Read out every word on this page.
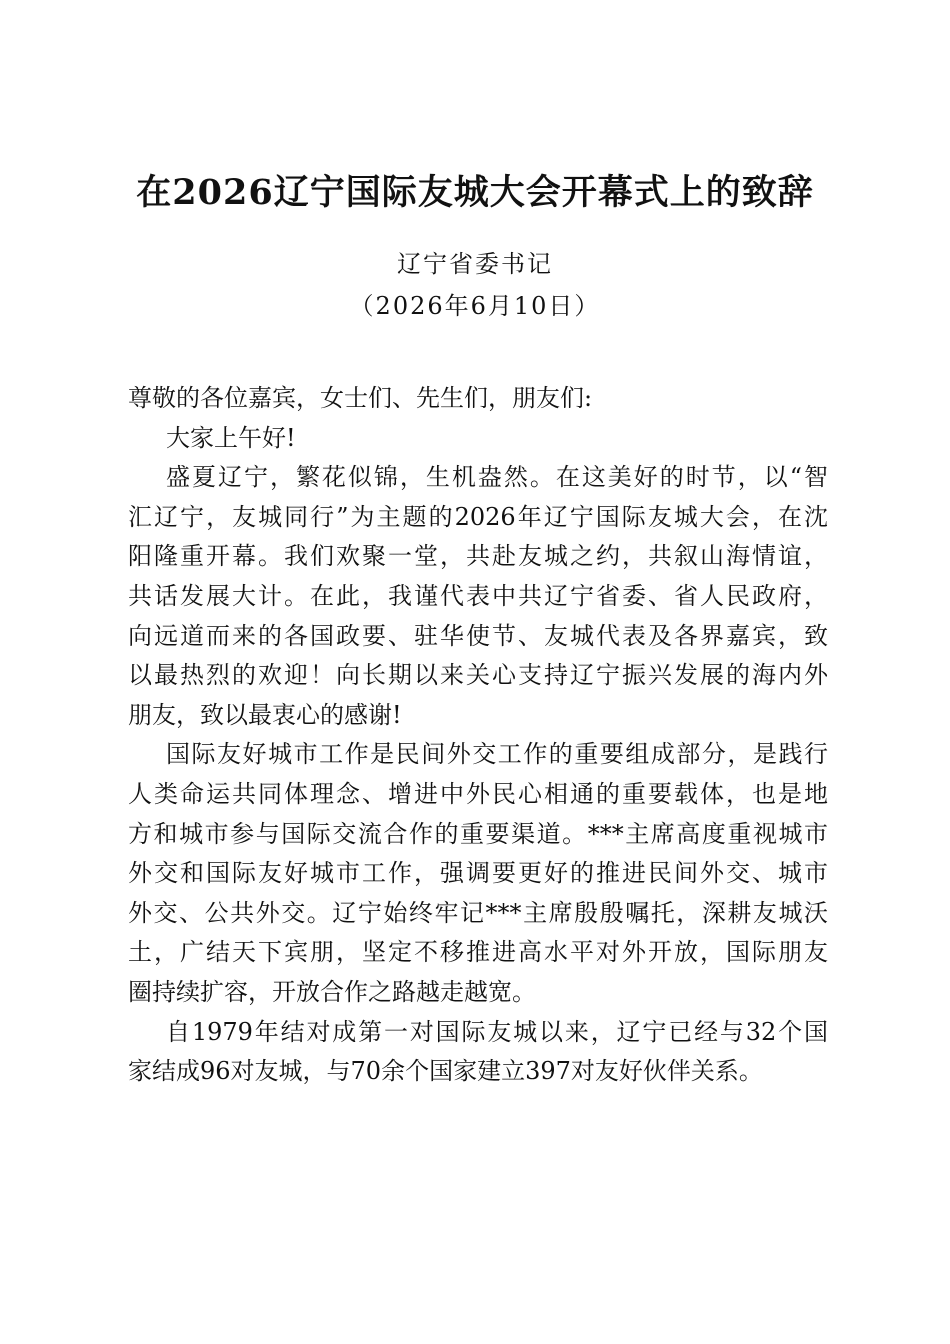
在2026辽宁国际友城大会开幕式上的致辞
辽宁省委书记
（2026年6月10日）
尊敬的各位嘉宾，女士们、先生们，朋友们:
大家上午好!
盛夏辽宁，繁花似锦，生机盎然。在这美好的时节，以“智
汇辽宁，友城同行”为主题的2026年辽宁国际友城大会，在沈
阳隆重开幕。我们欢聚一堂，共赴友城之约，共叙山海情谊，
共话发展大计。在此，我谨代表中共辽宁省委、省人民政府，
向远道而来的各国政要、驻华使节、友城代表及各界嘉宾，致
以最热烈的欢迎！向长期以来关心支持辽宁振兴发展的海内外
朋友，致以最衷心的感谢!
国际友好城市工作是民间外交工作的重要组成部分，是践行
人类命运共同体理念、增进中外民心相通的重要载体，也是地
方和城市参与国际交流合作的重要渠道。***主席高度重视城市
外交和国际友好城市工作，强调要更好的推进民间外交、城市
外交、公共外交。辽宁始终牢记***主席殷殷嘱托，深耕友城沃
土，广结天下宾朋，坚定不移推进高水平对外开放，国际朋友
圈持续扩容，开放合作之路越走越宽。
自1979年结对成第一对国际友城以来，辽宁已经与32个国
家结成96对友城，与70余个国家建立397对友好伙伴关系。
